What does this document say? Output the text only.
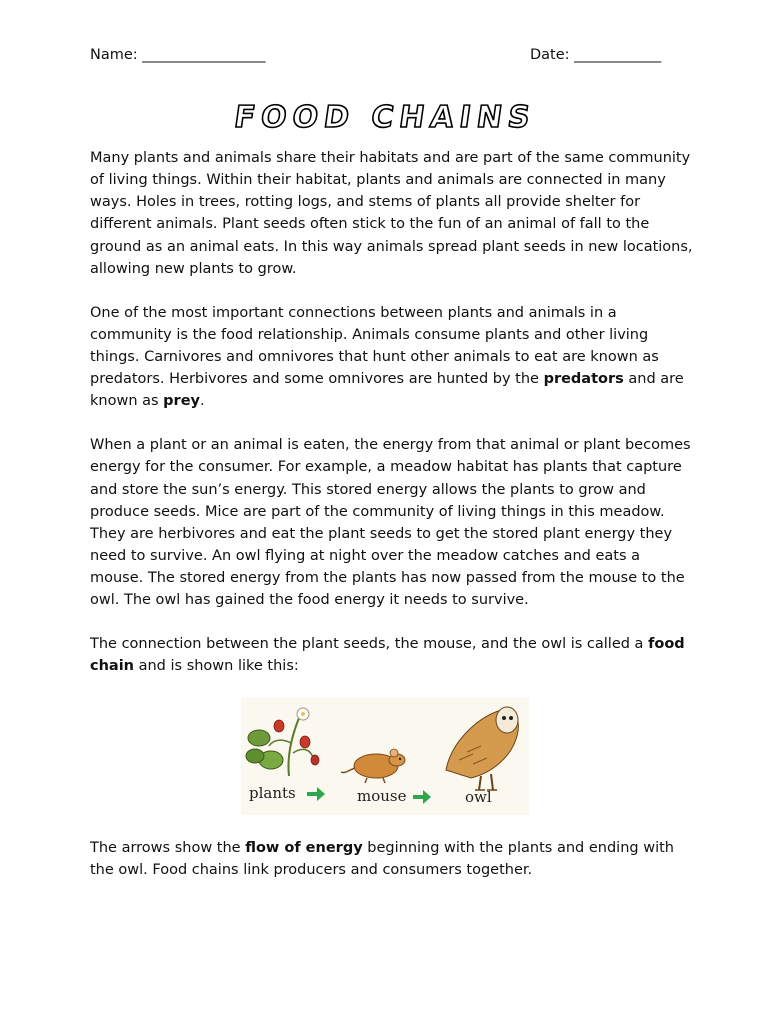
Name: _________________	Date: ____________
FOOD CHAINS
Many plants and animals share their habitats and are part of the same community
of living things. Within their habitat, plants and animals are connected in many
ways. Holes in trees, rotting logs, and stems of plants all provide shelter for
different animals. Plant seeds often stick to the fun of an animal of fall to the
ground as an animal eats. In this way animals spread plant seeds in new locations,
allowing new plants to grow.
One of the most important connections between plants and animals in a
community is the food relationship. Animals consume plants and other living
things. Carnivores and omnivores that hunt other animals to eat are known as
predators. Herbivores and some omnivores are hunted by the predators and are
known as prey.
When a plant or an animal is eaten, the energy from that animal or plant becomes
energy for the consumer. For example, a meadow habitat has plants that capture
and store the sun’s energy. This stored energy allows the plants to grow and
produce seeds. Mice are part of the community of living things in this meadow.
They are herbivores and eat the plant seeds to get the stored plant energy they
need to survive. An owl flying at night over the meadow catches and eats a
mouse. The stored energy from the plants has now passed from the mouse to the
owl. The owl has gained the food energy it needs to survive.
The connection between the plant seeds, the mouse, and the owl is called a food
chain and is shown like this:
plants	mouse	owl
The arrows show the flow of energy beginning with the plants and ending with
the owl. Food chains link producers and consumers together.
